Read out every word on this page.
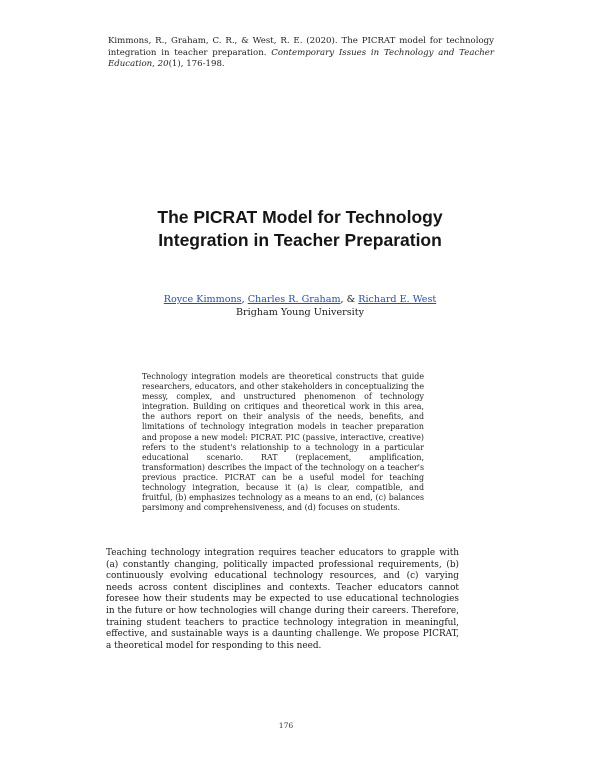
Kimmons, R., Graham, C. R., & West, R. E. (2020). The PICRAT model for technology integration in teacher preparation. Contemporary Issues in Technology and Teacher Education, 20(1), 176-198.
The PICRAT Model for Technology
Integration in Teacher Preparation
Royce Kimmons, Charles R. Graham, & Richard E. West
Brigham Young University

Technology integration models are theoretical constructs that guide researchers, educators, and other stakeholders in conceptualizing the messy, complex, and unstructured phenomenon of technology integration. Building on critiques and theoretical work in this area, the authors report on their analysis of the needs, benefits, and limitations of technology integration models in teacher preparation and propose a new model: PICRAT. PIC (passive, interactive, creative) refers to the student's relationship to a technology in a particular educational scenario. RAT (replacement, amplification, transformation) describes the impact of the technology on a teacher's previous practice. PICRAT can be a useful model for teaching technology integration, because it (a) is clear, compatible, and fruitful, (b) emphasizes technology as a means to an end, (c) balances parsimony and comprehensiveness, and (d) focuses on students.

Teaching technology integration requires teacher educators to grapple with (a) constantly changing, politically impacted professional requirements, (b) continuously evolving educational technology resources, and (c) varying needs across content disciplines and contexts. Teacher educators cannot foresee how their students may be expected to use educational technologies in the future or how technologies will change during their careers. Therefore, training student teachers to practice technology integration in meaningful, effective, and sustainable ways is a daunting challenge. We propose PICRAT, a theoretical model for responding to this need.

176
